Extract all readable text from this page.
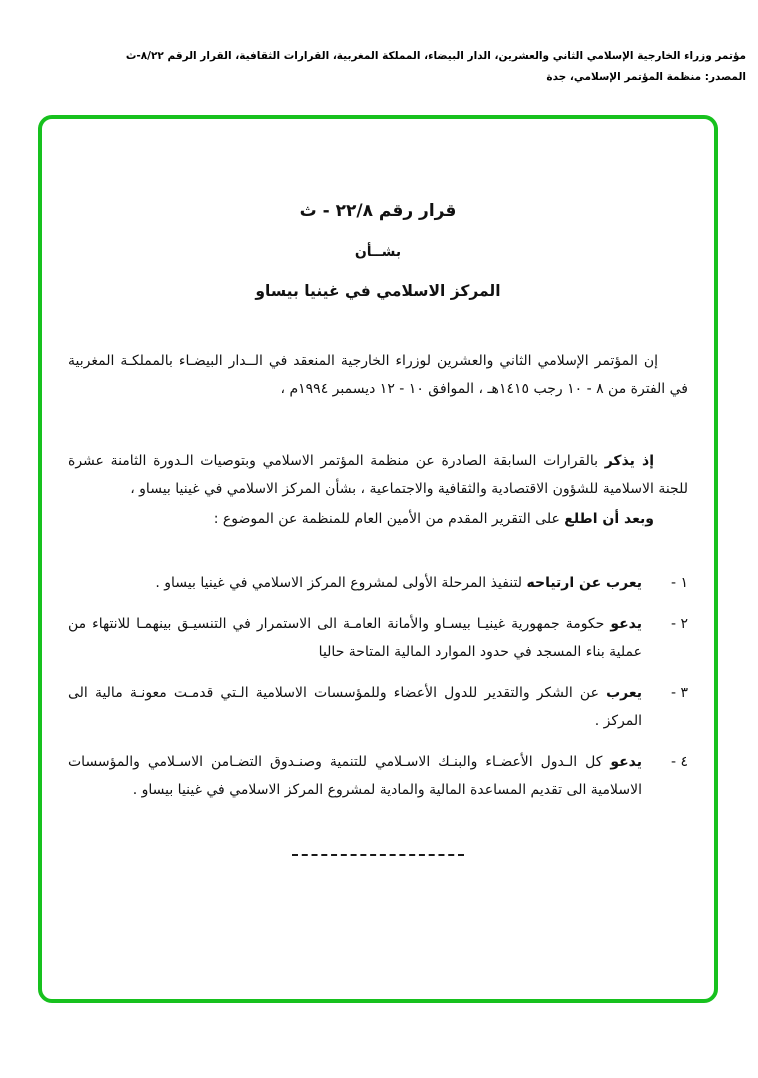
مؤتمر وزراء الخارجية الإسلامي الثاني والعشرين، الدار البيضاء، المملكة المغربية، القرارات الثقافية، القرار الرقم ٨/٢٢-ث
المصدر: منظمة المؤتمر الإسلامي، جدة
قرار رقم ٢٢/٨ - ث
بشــأن
المركز الاسلامي في غينيا بيساو

إن المؤتمر الإسلامي الثاني والعشرين لوزراء الخارجية المنعقد في الــدار البيضـاء بالمملكـة المغربية في الفترة من ٨ - ١٠ رجب ١٤١٥هـ ، الموافق ١٠ - ١٢ ديسمبر ١٩٩٤م ،

إذ يذكر بالقرارات السابقة الصادرة عن منظمة المؤتمر الاسلامي وبتوصيات الـدورة الثامنة عشرة للجنة الاسلامية للشؤون الاقتصادية والثقافية والاجتماعية ، بشأن المركز الاسلامي في غينيا بيساو ،

وبعد أن اطلع على التقرير المقدم من الأمين العام للمنظمة عن الموضوع :

١ -
يعرب عن ارتياحه لتنفيذ المرحلة الأولى لمشروع المركز الاسلامي في غينيا بيساو .
٢ -
يدعو حكومة جمهورية غينيـا بيسـاو والأمانة العامـة الى الاستمرار في التنسيـق بينهمـا للانتهاء من عملية بناء المسجد في حدود الموارد المالية المتاحة حاليا
٣ -
يعرب عن الشكر والتقدير للدول الأعضاء وللمؤسسات الاسلامية الـتي قدمـت معونـة مالية الى المركز .
٤ -
يدعو كل الـدول الأعضـاء والبنـك الاسـلامي للتنمية وصنـدوق التضـامن الاسـلامي والمؤسسات الاسلامية الى تقديم المساعدة المالية والمادية لمشروع المركز الاسلامي في غينيا بيساو .
